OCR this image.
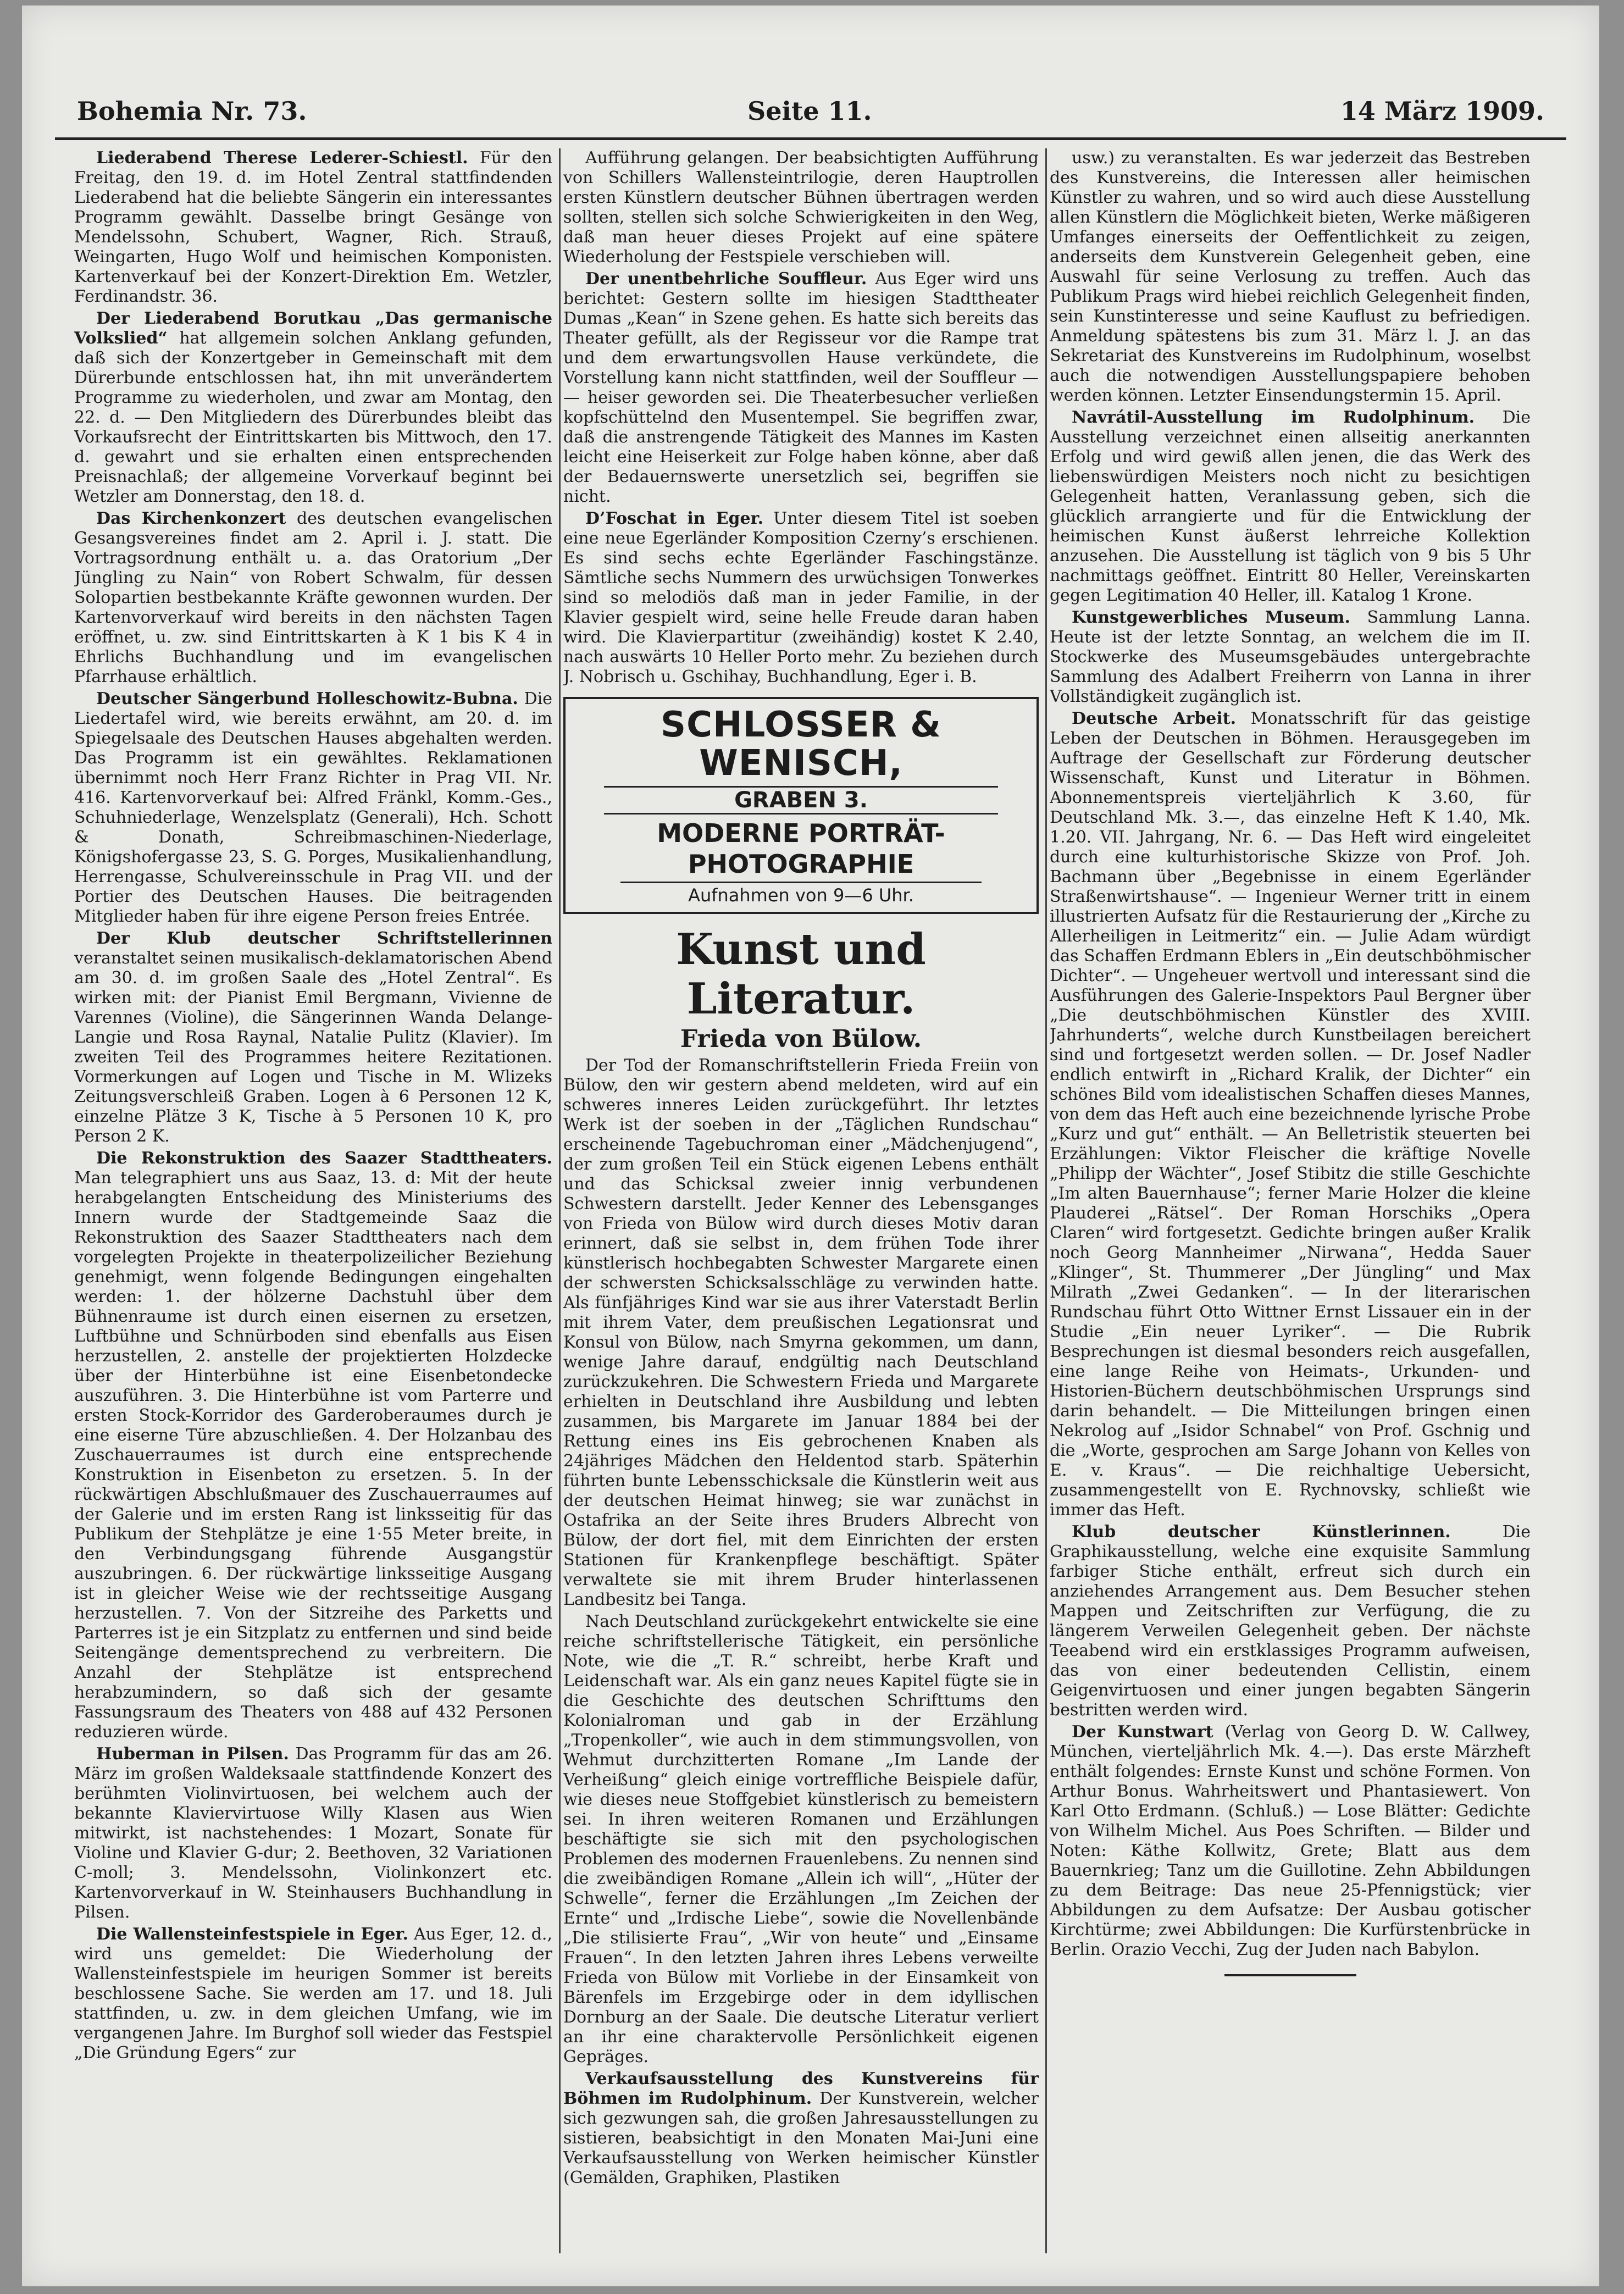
Bohemia Nr. 73.	Seite 11.	14 März 1909.

Liederabend Therese Lederer-Schiestl. Für den Freitag, den 19. d. im Hotel Zentral stattfindenden Liederabend hat die beliebte Sängerin ein interessantes Programm gewählt. Dasselbe bringt Gesänge von Mendelssohn, Schubert, Wagner, Rich. Strauß, Weingarten, Hugo Wolf und heimischen Komponisten. Kartenverkauf bei der Konzert-Direktion Em. Wetzler, Ferdinandstr. 36.

Der Liederabend Borutkau „Das germanische Volkslied“ hat allgemein solchen Anklang gefunden, daß sich der Konzertgeber in Gemeinschaft mit dem Dürerbunde entschlossen hat, ihn mit unverändertem Programme zu wiederholen, und zwar am Montag, den 22. d. — Den Mitgliedern des Dürerbundes bleibt das Vorkaufsrecht der Eintrittskarten bis Mittwoch, den 17. d. gewahrt und sie erhalten einen entsprechenden Preisnachlaß; der allgemeine Vorverkauf beginnt bei Wetzler am Donnerstag, den 18. d.

Das Kirchenkonzert des deutschen evangelischen Gesangsvereines findet am 2. April i. J. statt. Die Vortragsordnung enthält u. a. das Oratorium „Der Jüngling zu Nain“ von Robert Schwalm, für dessen Solopartien bestbekannte Kräfte gewonnen wurden. Der Kartenvorverkauf wird bereits in den nächsten Tagen eröffnet, u. zw. sind Eintrittskarten à K 1 bis K 4 in Ehrlichs Buchhandlung und im evangelischen Pfarrhause erhältlich.

Deutscher Sängerbund Holleschowitz-Bubna. Die Liedertafel wird, wie bereits erwähnt, am 20. d. im Spiegelsaale des Deutschen Hauses abgehalten werden. Das Programm ist ein gewähltes. Reklamationen übernimmt noch Herr Franz Richter in Prag VII. Nr. 416. Kartenvorverkauf bei: Alfred Fränkl, Komm.-Ges., Schuhniederlage, Wenzelsplatz (Generali), Hch. Schott & Donath, Schreibmaschinen-Niederlage, Königshofergasse 23, S. G. Porges, Musikalienhandlung, Herrengasse, Schulvereinsschule in Prag VII. und der Portier des Deutschen Hauses. Die beitragenden Mitglieder haben für ihre eigene Person freies Entrée.

Der Klub deutscher Schriftstellerinnen veranstaltet seinen musikalisch-deklamatorischen Abend am 30. d. im großen Saale des „Hotel Zentral“. Es wirken mit: der Pianist Emil Bergmann, Vivienne de Varennes (Violine), die Sängerinnen Wanda Delange-Langie und Rosa Raynal, Natalie Pulitz (Klavier). Im zweiten Teil des Programmes heitere Rezitationen. Vormerkungen auf Logen und Tische in M. Wlizeks Zeitungsverschleiß Graben. Logen à 6 Personen 12 K, einzelne Plätze 3 K, Tische à 5 Personen 10 K, pro Person 2 K.

Die Rekonstruktion des Saazer Stadttheaters. Man telegraphiert uns aus Saaz, 13. d: Mit der heute herabgelangten Entscheidung des Ministeriums des Innern wurde der Stadtgemeinde Saaz die Rekonstruktion des Saazer Stadttheaters nach dem vorgelegten Projekte in theaterpolizeilicher Beziehung genehmigt, wenn folgende Bedingungen eingehalten werden: 1. der hölzerne Dachstuhl über dem Bühnenraume ist durch einen eisernen zu ersetzen, Luftbühne und Schnürboden sind ebenfalls aus Eisen herzustellen, 2. anstelle der projektierten Holzdecke über der Hinterbühne ist eine Eisenbetondecke auszuführen. 3. Die Hinterbühne ist vom Parterre und ersten Stock-Korridor des Garderoberaumes durch je eine eiserne Türe abzuschließen. 4. Der Holzanbau des Zuschauerraumes ist durch eine entsprechende Konstruktion in Eisenbeton zu ersetzen. 5. In der rückwärtigen Abschlußmauer des Zuschauerraumes auf der Galerie und im ersten Rang ist linksseitig für das Publikum der Stehplätze je eine 1·55 Meter breite, in den Verbindungsgang führende Ausgangstür auszubringen. 6. Der rückwärtige linksseitige Ausgang ist in gleicher Weise wie der rechtsseitige Ausgang herzustellen. 7. Von der Sitzreihe des Parketts und Parterres ist je ein Sitzplatz zu entfernen und sind beide Seitengänge dementsprechend zu verbreitern. Die Anzahl der Stehplätze ist entsprechend herabzumindern, so daß sich der gesamte Fassungsraum des Theaters von 488 auf 432 Personen reduzieren würde.

Huberman in Pilsen. Das Programm für das am 26. März im großen Waldeksaale stattfindende Konzert des berühmten Violinvirtuosen, bei welchem auch der bekannte Klaviervirtuose Willy Klasen aus Wien mitwirkt, ist nachstehendes: 1 Mozart, Sonate für Violine und Klavier G-dur; 2. Beethoven, 32 Variationen C-moll; 3. Mendelssohn, Violinkonzert etc. Kartenvorverkauf in W. Steinhausers Buchhandlung in Pilsen.

Die Wallensteinfestspiele in Eger. Aus Eger, 12. d., wird uns gemeldet: Die Wiederholung der Wallensteinfestspiele im heurigen Sommer ist bereits beschlossene Sache. Sie werden am 17. und 18. Juli stattfinden, u. zw. in dem gleichen Umfang, wie im vergangenen Jahre. Im Burghof soll wieder das Festspiel „Die Gründung Egers“ zur

Aufführung gelangen. Der beabsichtigten Aufführung von Schillers Wallensteintrilogie, deren Hauptrollen ersten Künstlern deutscher Bühnen übertragen werden sollten, stellen sich solche Schwierigkeiten in den Weg, daß man heuer dieses Projekt auf eine spätere Wiederholung der Festspiele verschieben will.

Der unentbehrliche Souffleur. Aus Eger wird uns berichtet: Gestern sollte im hiesigen Stadttheater Dumas „Kean“ in Szene gehen. Es hatte sich bereits das Theater gefüllt, als der Regisseur vor die Rampe trat und dem erwartungsvollen Hause verkündete, die Vorstellung kann nicht stattfinden, weil der Souffleur — — heiser geworden sei. Die Theaterbesucher verließen kopfschüttelnd den Musentempel. Sie begriffen zwar, daß die anstrengende Tätigkeit des Mannes im Kasten leicht eine Heiserkeit zur Folge haben könne, aber daß der Bedauernswerte unersetzlich sei, begriffen sie nicht.

D’Foschat in Eger. Unter diesem Titel ist soeben eine neue Egerländer Komposition Czerny’s erschienen. Es sind sechs echte Egerländer Faschingstänze. Sämtliche sechs Nummern des urwüchsigen Tonwerkes sind so melodiös daß man in jeder Familie, in der Klavier gespielt wird, seine helle Freude daran haben wird. Die Klavierpartitur (zweihändig) kostet K 2.40, nach auswärts 10 Heller Porto mehr. Zu beziehen durch J. Nobrisch u. Gschihay, Buchhandlung, Eger i. B.

SCHLOSSER & WENISCH,
GRABEN 3.
MODERNE PORTRÄT-PHOTOGRAPHIE
Aufnahmen von 9—6 Uhr.
Kunst und Literatur.
Frieda von Bülow.

Der Tod der Romanschriftstellerin Frieda Freiin von Bülow, den wir gestern abend meldeten, wird auf ein schweres inneres Leiden zurückgeführt. Ihr letztes Werk ist der soeben in der „Täglichen Rundschau“ erscheinende Tagebuchroman einer „Mädchenjugend“, der zum großen Teil ein Stück eigenen Lebens enthält und das Schicksal zweier innig verbundenen Schwestern darstellt. Jeder Kenner des Lebensganges von Frieda von Bülow wird durch dieses Motiv daran erinnert, daß sie selbst in, dem frühen Tode ihrer künstlerisch hochbegabten Schwester Margarete einen der schwersten Schicksalsschläge zu verwinden hatte. Als fünfjähriges Kind war sie aus ihrer Vaterstadt Berlin mit ihrem Vater, dem preußischen Legationsrat und Konsul von Bülow, nach Smyrna gekommen, um dann, wenige Jahre darauf, endgültig nach Deutschland zurückzukehren. Die Schwestern Frieda und Margarete erhielten in Deutschland ihre Ausbildung und lebten zusammen, bis Margarete im Januar 1884 bei der Rettung eines ins Eis gebrochenen Knaben als 24jähriges Mädchen den Heldentod starb. Späterhin führten bunte Lebensschicksale die Künstlerin weit aus der deutschen Heimat hinweg; sie war zunächst in Ostafrika an der Seite ihres Bruders Albrecht von Bülow, der dort fiel, mit dem Einrichten der ersten Stationen für Krankenpflege beschäftigt. Später verwaltete sie mit ihrem Bruder hinterlassenen Landbesitz bei Tanga.

Nach Deutschland zurückgekehrt entwickelte sie eine reiche schriftstellerische Tätigkeit, ein persönliche Note, wie die „T. R.“ schreibt, herbe Kraft und Leidenschaft war. Als ein ganz neues Kapitel fügte sie in die Geschichte des deutschen Schrifttums den Kolonialroman und gab in der Erzählung „Tropenkoller“, wie auch in dem stimmungsvollen, von Wehmut durchzitterten Romane „Im Lande der Verheißung“ gleich einige vortreffliche Beispiele dafür, wie dieses neue Stoffgebiet künstlerisch zu bemeistern sei. In ihren weiteren Romanen und Erzählungen beschäftigte sie sich mit den psychologischen Problemen des modernen Frauenlebens. Zu nennen sind die zweibändigen Romane „Allein ich will“, „Hüter der Schwelle“, ferner die Erzählungen „Im Zeichen der Ernte“ und „Irdische Liebe“, sowie die Novellenbände „Die stilisierte Frau“, „Wir von heute“ und „Einsame Frauen“. In den letzten Jahren ihres Lebens verweilte Frieda von Bülow mit Vorliebe in der Einsamkeit von Bärenfels im Erzgebirge oder in dem idyllischen Dornburg an der Saale. Die deutsche Literatur verliert an ihr eine charaktervolle Persönlichkeit eigenen Gepräges.

Verkaufsausstellung des Kunstvereins für Böhmen im Rudolphinum. Der Kunstverein, welcher sich gezwungen sah, die großen Jahresausstellungen zu sistieren, beabsichtigt in den Monaten Mai-Juni eine Verkaufsausstellung von Werken heimischer Künstler (Gemälden, Graphiken, Plastiken

usw.) zu veranstalten. Es war jederzeit das Bestreben des Kunstvereins, die Interessen aller heimischen Künstler zu wahren, und so wird auch diese Ausstellung allen Künstlern die Möglichkeit bieten, Werke mäßigeren Umfanges einerseits der Oeffentlichkeit zu zeigen, anderseits dem Kunstverein Gelegenheit geben, eine Auswahl für seine Verlosung zu treffen. Auch das Publikum Prags wird hiebei reichlich Gelegenheit finden, sein Kunstinteresse und seine Kauflust zu befriedigen. Anmeldung spätestens bis zum 31. März l. J. an das Sekretariat des Kunstvereins im Rudolphinum, woselbst auch die notwendigen Ausstellungspapiere behoben werden können. Letzter Einsendungstermin 15. April.

Navrátil-Ausstellung im Rudolphinum. Die Ausstellung verzeichnet einen allseitig anerkannten Erfolg und wird gewiß allen jenen, die das Werk des liebenswürdigen Meisters noch nicht zu besichtigen Gelegenheit hatten, Veranlassung geben, sich die glücklich arrangierte und für die Entwicklung der heimischen Kunst äußerst lehrreiche Kollektion anzusehen. Die Ausstellung ist täglich von 9 bis 5 Uhr nachmittags geöffnet. Eintritt 80 Heller, Vereinskarten gegen Legitimation 40 Heller, ill. Katalog 1 Krone.

Kunstgewerbliches Museum. Sammlung Lanna. Heute ist der letzte Sonntag, an welchem die im II. Stockwerke des Museumsgebäudes untergebrachte Sammlung des Adalbert Freiherrn von Lanna in ihrer Vollständigkeit zugänglich ist.

Deutsche Arbeit. Monatsschrift für das geistige Leben der Deutschen in Böhmen. Herausgegeben im Auftrage der Gesellschaft zur Förderung deutscher Wissenschaft, Kunst und Literatur in Böhmen. Abonnementspreis vierteljährlich K 3.60, für Deutschland Mk. 3.—, das einzelne Heft K 1.40, Mk. 1.20. VII. Jahrgang, Nr. 6. — Das Heft wird eingeleitet durch eine kulturhistorische Skizze von Prof. Joh. Bachmann über „Begebnisse in einem Egerländer Straßenwirtshause“. — Ingenieur Werner tritt in einem illustrierten Aufsatz für die Restaurierung der „Kirche zu Allerheiligen in Leitmeritz“ ein. — Julie Adam würdigt das Schaffen Erdmann Eblers in „Ein deutschböhmischer Dichter“. — Ungeheuer wertvoll und interessant sind die Ausführungen des Galerie-Inspektors Paul Bergner über „Die deutschböhmischen Künstler des XVIII. Jahrhunderts“, welche durch Kunstbeilagen bereichert sind und fortgesetzt werden sollen. — Dr. Josef Nadler endlich entwirft in „Richard Kralik, der Dichter“ ein schönes Bild vom idealistischen Schaffen dieses Mannes, von dem das Heft auch eine bezeichnende lyrische Probe „Kurz und gut“ enthält. — An Belletristik steuerten bei Erzählungen: Viktor Fleischer die kräftige Novelle „Philipp der Wächter“, Josef Stibitz die stille Geschichte „Im alten Bauernhause“; ferner Marie Holzer die kleine Plauderei „Rätsel“. Der Roman Horschiks „Opera Claren“ wird fortgesetzt. Gedichte bringen außer Kralik noch Georg Mannheimer „Nirwana“, Hedda Sauer „Klinger“, St. Thummerer „Der Jüngling“ und Max Milrath „Zwei Gedanken“. — In der literarischen Rundschau führt Otto Wittner Ernst Lissauer ein in der Studie „Ein neuer Lyriker“. — Die Rubrik Besprechungen ist diesmal besonders reich ausgefallen, eine lange Reihe von Heimats-, Urkunden- und Historien-Büchern deutschböhmischen Ursprungs sind darin behandelt. — Die Mitteilungen bringen einen Nekrolog auf „Isidor Schnabel“ von Prof. Gschnig und die „Worte, gesprochen am Sarge Johann von Kelles von E. v. Kraus“. — Die reichhaltige Uebersicht, zusammengestellt von E. Rychnovsky, schließt wie immer das Heft.

Klub deutscher Künstlerinnen.	Die Graphikausstellung, welche eine exquisite Sammlung farbiger Stiche enthält, erfreut sich durch ein anziehendes Arrangement aus. Dem Besucher stehen Mappen und Zeitschriften zur Verfügung, die zu längerem Verweilen Gelegenheit geben. Der nächste Teeabend wird ein erstklassiges Programm aufweisen, das von einer bedeutenden Cellistin, einem Geigenvirtuosen und einer jungen begabten Sängerin bestritten werden wird.

Der Kunstwart (Verlag von Georg D. W. Callwey, München, vierteljährlich Mk. 4.—). Das erste Märzheft enthält folgendes: Ernste Kunst und schöne Formen. Von Arthur Bonus. Wahrheitswert und Phantasiewert. Von Karl Otto Erdmann. (Schluß.) — Lose Blätter: Gedichte von Wilhelm Michel. Aus Poes Schriften. — Bilder und Noten: Käthe Kollwitz, Grete; Blatt aus dem Bauernkrieg; Tanz um die Guillotine. Zehn Abbildungen zu dem Beitrage: Das neue 25-Pfennigstück; vier Abbildungen zu dem Aufsatze: Der Ausbau gotischer Kirchtürme; zwei Abbildungen: Die Kurfürstenbrücke in Berlin. Orazio Vecchi, Zug der Juden nach Babylon.
